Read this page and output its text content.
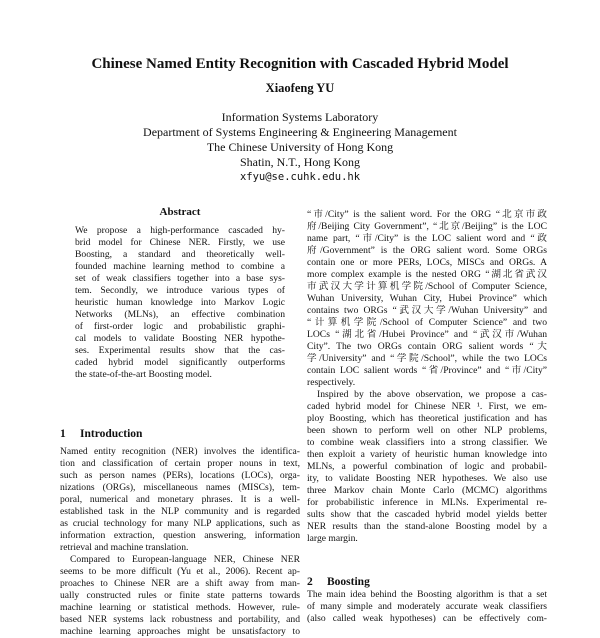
Chinese Named Entity Recognition with Cascaded Hybrid Model
Xiaofeng YU
Information Systems Laboratory
Department of Systems Engineering & Engineering Management
The Chinese University of Hong Kong
Shatin, N.T., Hong Kong
xfyu@se.cuhk.edu.hk
Abstract
We propose a high-performance cascaded hy-
brid model for Chinese NER. Firstly, we use
Boosting, a standard and theoretically well-
founded machine learning method to combine a
set of weak classifiers together into a base sys-
tem. Secondly, we introduce various types of
heuristic human knowledge into Markov Logic
Networks (MLNs), an effective combination
of first-order logic and probabilistic graphi-
cal models to validate Boosting NER hypothe-
ses. Experimental results show that the cas-
caded hybrid model significantly outperforms
the state-of-the-art Boosting model.
1 Introduction
Named entity recognition (NER) involves the identifica-
tion and classification of certain proper nouns in text,
such as person names (PERs), locations (LOCs), orga-
nizations (ORGs), miscellaneous names (MISCs), tem-
poral, numerical and monetary phrases. It is a well-
established task in the NLP community and is regarded
as crucial technology for many NLP applications, such as
information extraction, question answering, information
retrieval and machine translation.
Compared to European-language NER, Chinese NER
seems to be more difficult (Yu et al., 2006). Recent ap-
proaches to Chinese NER are a shift away from man-
ually constructed rules or finite state patterns towards
machine learning or statistical methods. However, rule-
based NER systems lack robustness and portability, and
machine learning approaches might be unsatisfactory to
“市/City” is the salient word. For the ORG “北京市政
府/Beijing City Government”, “北京/Beijing” is the LOC
name part, “市/City” is the LOC salient word and “政
府/Government” is the ORG salient word. Some ORGs
contain one or more PERs, LOCs, MISCs and ORGs. A
more complex example is the nested ORG “湖北省武汉
市武汉大学计算机学院/School of Computer Science,
Wuhan University, Wuhan City, Hubei Province” which
contains two ORGs “武汉大学/Wuhan University” and
“计算机学院/School of Computer Science” and two
LOCs “湖北省/Hubei Province” and “武汉市/Wuhan
City”. The two ORGs contain ORG salient words “大
学/University” and “学院/School”, while the two LOCs
contain LOC salient words “省/Province” and “市/City”
respectively.
Inspired by the above observation, we propose a cas-
caded hybrid model for Chinese NER ¹. First, we em-
ploy Boosting, which has theoretical justification and has
been shown to perform well on other NLP problems,
to combine weak classifiers into a strong classifier. We
then exploit a variety of heuristic human knowledge into
MLNs, a powerful combination of logic and probabil-
ity, to validate Boosting NER hypotheses. We also use
three Markov chain Monte Carlo (MCMC) algorithms
for probabilistic inference in MLNs. Experimental re-
sults show that the cascaded hybrid model yields better
NER results than the stand-alone Boosting model by a
large margin.
2 Boosting
The main idea behind the Boosting algorithm is that a set
of many simple and moderately accurate weak classifiers
(also called weak hypotheses) can be effectively com-
